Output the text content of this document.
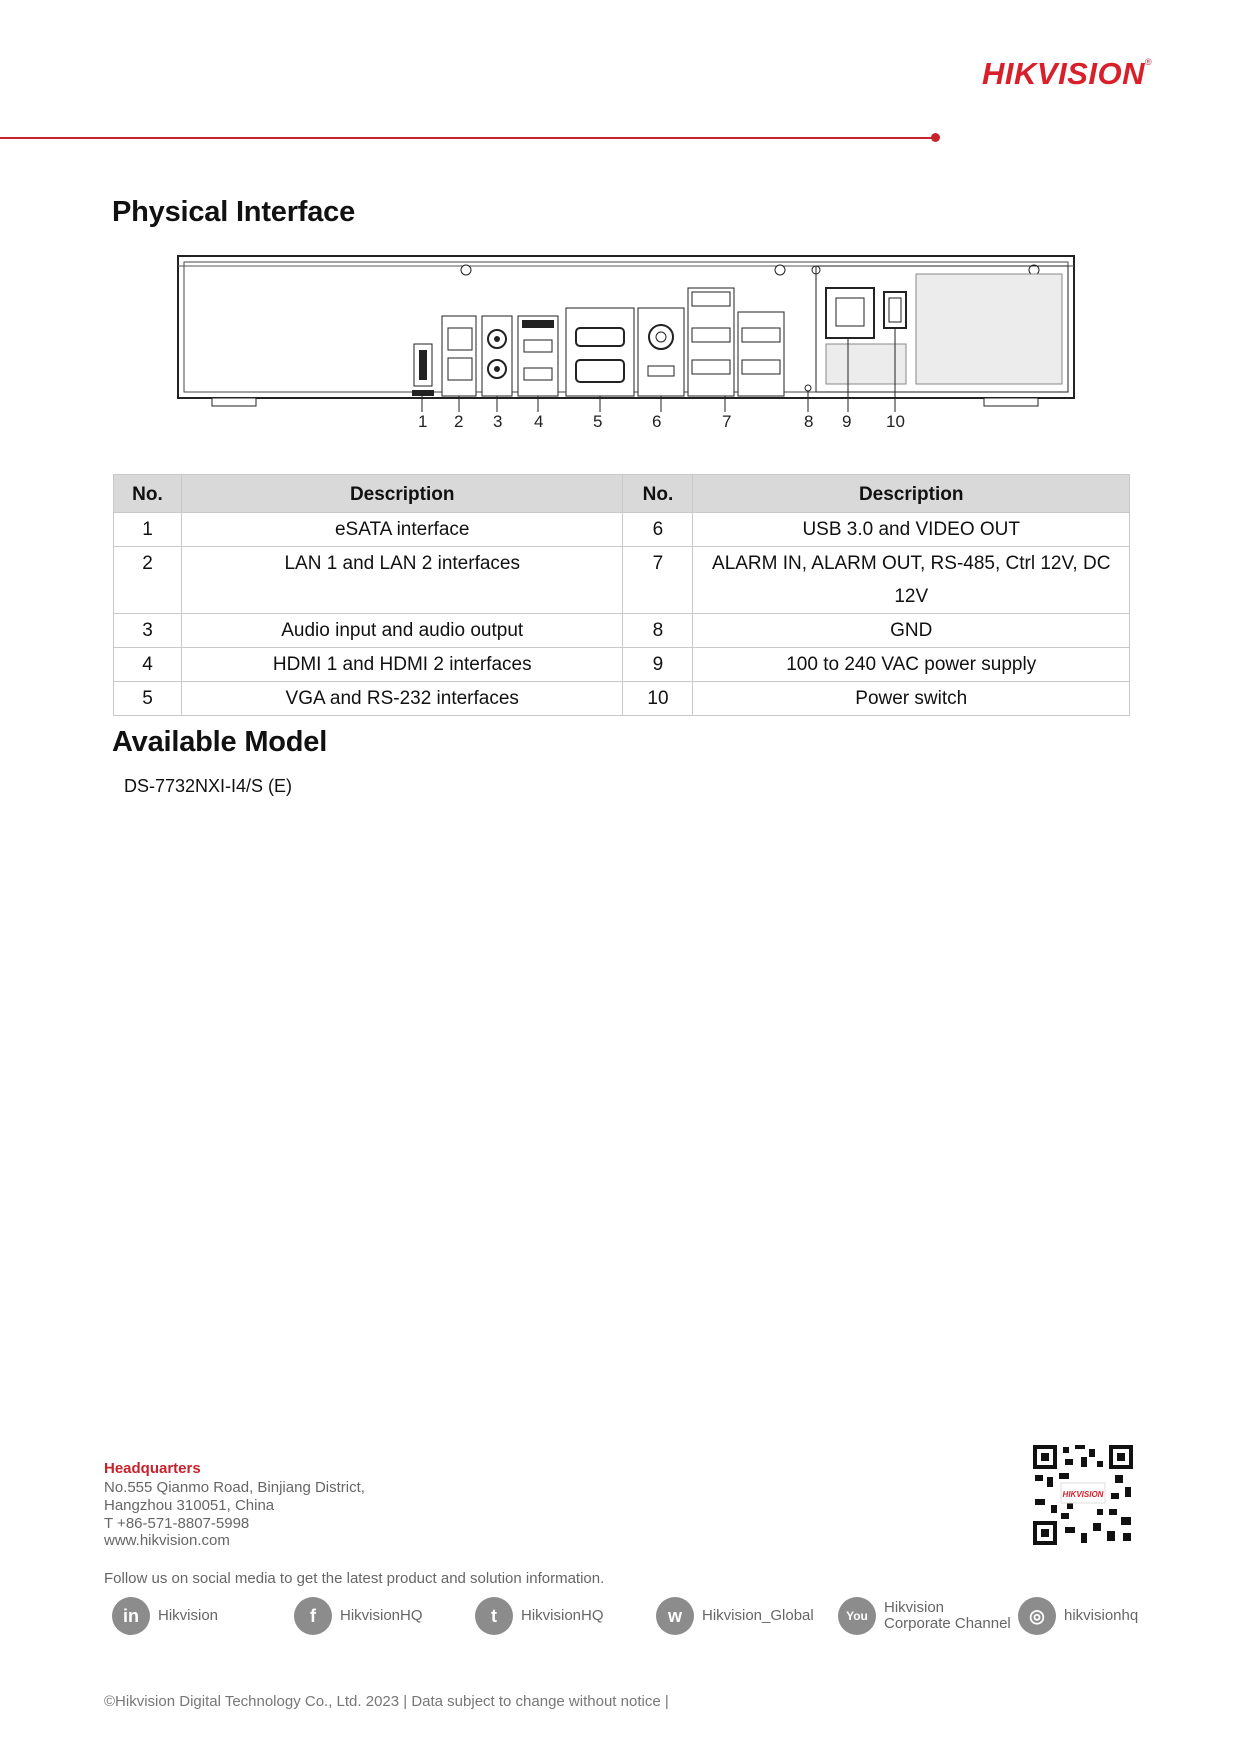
HIKVISION®
Physical Interface
1 2 3 4	5	6	7	8 9 10
No.	Description	No.	Description
1	eSATA interface	6	USB 3.0 and VIDEO OUT
2	LAN 1 and LAN 2 interfaces	7	ALARM IN, ALARM OUT, RS-485, Ctrl 12V, DC 12V
3	Audio input and audio output	8	GND
4	HDMI 1 and HDMI 2 interfaces	9	100 to 240 VAC power supply
5	VGA and RS-232 interfaces	10	Power switch
Available Model
DS-7732NXI-I4/S (E)
Headquarters
No.555 Qianmo Road, Binjiang District,
Hangzhou 310051, China
T +86-571-8807-5998
www.hikvision.com
Follow us on social media to get the latest product and solution information.
in	Hikvision	f	HikvisionHQ	t	HikvisionHQ	w	Hikvision_Global	You	Hikvision
Corporate Channel	◎	hikvisionhq
HIKVISION
©Hikvision Digital Technology Co., Ltd. 2023 | Data subject to change without notice |
